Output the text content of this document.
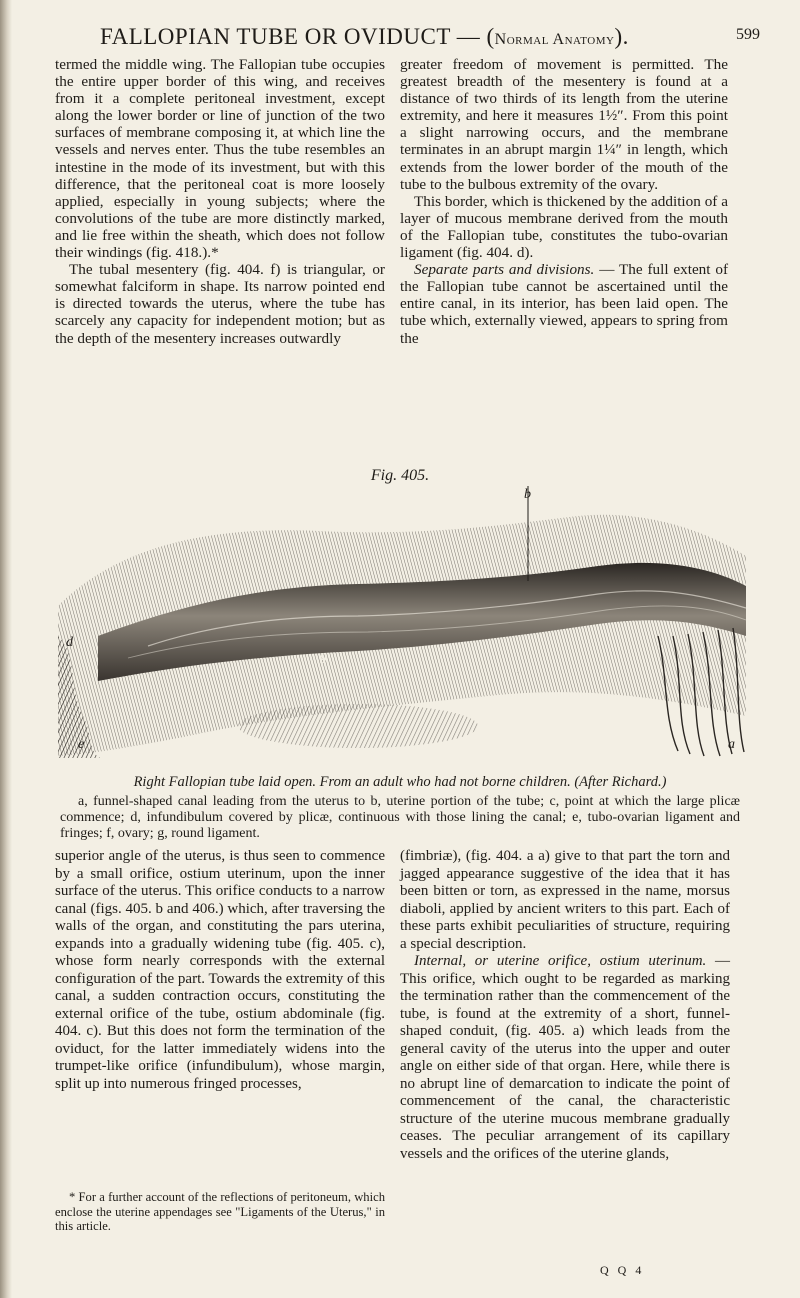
FALLOPIAN TUBE OR OVIDUCT — (Normal Anatomy).	599

termed the middle wing. The Fallopian tube occupies the entire upper border of this wing, and receives from it a complete peritoneal investment, except along the lower border or line of junction of the two surfaces of membrane composing it, at which line the vessels and nerves enter. Thus the tube resembles an intestine in the mode of its investment, but with this difference, that the peritoneal coat is more loosely applied, especially in young subjects; where the convolutions of the tube are more distinctly marked, and lie free within the sheath, which does not follow their windings (fig. 418.).*

The tubal mesentery (fig. 404. f) is triangular, or somewhat falciform in shape. Its narrow pointed end is directed towards the uterus, where the tube has scarcely any capacity for independent motion; but as the depth of the mesentery increases outwardly

greater freedom of movement is permitted. The greatest breadth of the mesentery is found at a distance of two thirds of its length from the uterine extremity, and here it measures 1½″. From this point a slight narrowing occurs, and the membrane terminates in an abrupt margin 1¼″ in length, which extends from the lower border of the mouth of the tube to the bulbous extremity of the ovary.

This border, which is thickened by the addition of a layer of mucous membrane derived from the mouth of the Fallopian tube, constitutes the tubo-ovarian ligament (fig. 404. d).

Separate parts and divisions. — The full extent of the Fallopian tube cannot be ascertained until the entire canal, in its interior, has been laid open. The tube which, externally viewed, appears to spring from the

Fig. 405.
b
d
g
e	a
Right Fallopian tube laid open. From an adult who had not borne children. (After Richard.)
a, funnel-shaped canal leading from the uterus to b, uterine portion of the tube; c, point at which the large plicæ commence; d, infundibulum covered by plicæ, continuous with those lining the canal; e, tubo-ovarian ligament and fringes; f, ovary; g, round ligament.

superior angle of the uterus, is thus seen to commence by a small orifice, ostium uterinum, upon the inner surface of the uterus. This orifice conducts to a narrow canal (figs. 405. b and 406.) which, after traversing the walls of the organ, and constituting the pars uterina, expands into a gradually widening tube (fig. 405. c), whose form nearly corresponds with the external configuration of the part. Towards the extremity of this canal, a sudden contraction occurs, constituting the external orifice of the tube, ostium abdominale (fig. 404. c). But this does not form the termination of the oviduct, for the latter immediately widens into the trumpet-like orifice (infundibulum), whose margin, split up into numerous fringed processes,

* For a further account of the reflections of peritoneum, which enclose the uterine appendages see "Ligaments of the Uterus," in this article.

(fimbriæ), (fig. 404. a a) give to that part the torn and jagged appearance suggestive of the idea that it has been bitten or torn, as expressed in the name, morsus diaboli, applied by ancient writers to this part. Each of these parts exhibit peculiarities of structure, requiring a special description.

Internal, or uterine orifice, ostium uterinum. — This orifice, which ought to be regarded as marking the termination rather than the commencement of the tube, is found at the extremity of a short, funnel-shaped conduit, (fig. 405. a) which leads from the general cavity of the uterus into the upper and outer angle on either side of that organ. Here, while there is no abrupt line of demarcation to indicate the point of commencement of the canal, the characteristic structure of the uterine mucous membrane gradually ceases. The peculiar arrangement of its capillary vessels and the orifices of the uterine glands,

Q Q 4
